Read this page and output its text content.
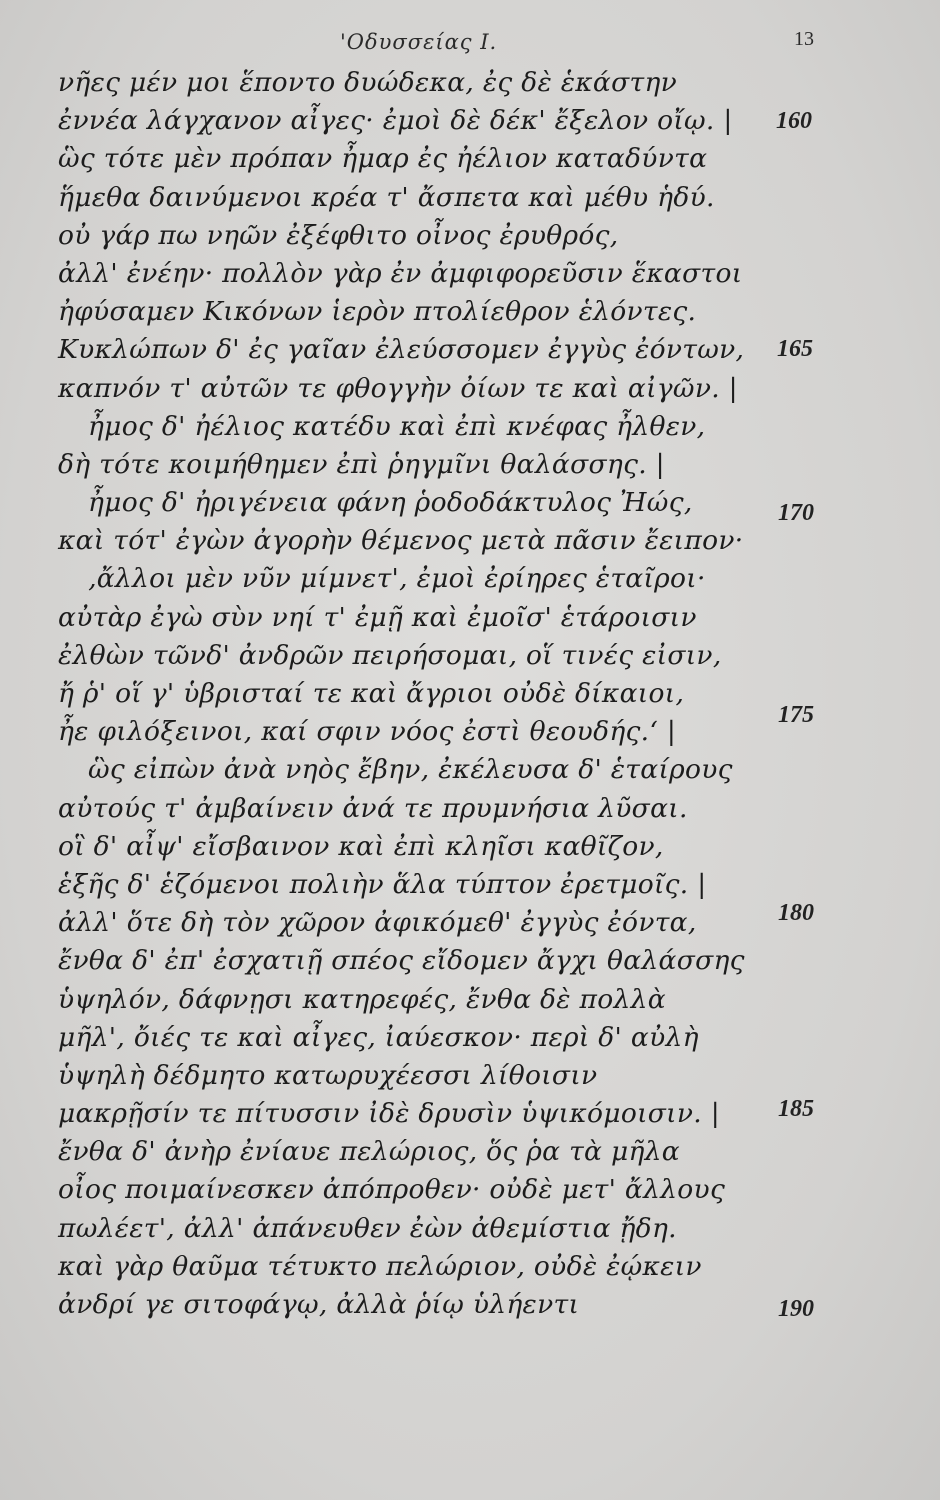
'Οδυσσείας Ι.	13
νῆες μέν μοι ἕποντο δυώδεκα, ἐς δὲ ἑκάστην
ἐννέα λάγχανον αἶγες· ἐμοὶ δὲ δέκ' ἔξελον οἴῳ. |
ὣς τότε μὲν πρόπαν ἦμαρ ἐς ἠέλιον καταδύντα
ἥμεθα δαινύμενοι κρέα τ' ἄσπετα καὶ μέθυ ἡδύ.
οὐ γάρ πω νηῶν ἐξέφθιτο οἶνος ἐρυθρός,
ἀλλ' ἐνέην· πολλὸν γὰρ ἐν ἀμφιφορεῦσιν ἕκαστοι
ἠφύσαμεν Κικόνων ἱερὸν πτολίεθρον ἑλόντες.
Κυκλώπων δ' ἐς γαῖαν ἐλεύσσομεν ἐγγὺς ἐόντων,
καπνόν τ' αὐτῶν τε φθογγὴν ὀίων τε καὶ αἰγῶν. |
ἦμος δ' ἠέλιος κατέδυ καὶ ἐπὶ κνέφας ἦλθεν,
δὴ τότε κοιμήθημεν ἐπὶ ῥηγμῖνι θαλάσσης. |
ἦμος δ' ἠριγένεια φάνη ῥοδοδάκτυλος Ἠώς,
καὶ τότ' ἐγὼν ἀγορὴν θέμενος μετὰ πᾶσιν ἔειπον·
‚ἄλλοι μὲν νῦν μίμνετ', ἐμοὶ ἐρίηρες ἑταῖροι·
αὐτὰρ ἐγὼ σὺν νηί τ' ἐμῇ καὶ ἐμοῖσ' ἑτάροισιν
ἐλθὼν τῶνδ' ἀνδρῶν πειρήσομαι, οἵ τινές εἰσιν,
ἤ ῥ' οἵ γ' ὑβρισταί τε καὶ ἄγριοι οὐδὲ δίκαιοι,
ἦε φιλόξεινοι, καί σφιν νόος ἐστὶ θεουδής.ʻ |
ὣς εἰπὼν ἀνὰ νηὸς ἔβην, ἐκέλευσα δ' ἑταίρους
αὐτούς τ' ἀμβαίνειν ἀνά τε πρυμνήσια λῦσαι.
οἳ δ' αἶψ' εἴσβαινον καὶ ἐπὶ κληῖσι καθῖζον,
ἑξῆς δ' ἑζόμενοι πολιὴν ἅλα τύπτον ἐρετμοῖς. |
ἀλλ' ὅτε δὴ τὸν χῶρον ἀφικόμεθ' ἐγγὺς ἐόντα,
ἔνθα δ' ἐπ' ἐσχατιῇ σπέος εἴδομεν ἄγχι θαλάσσης
ὑψηλόν, δάφνῃσι κατηρεφές, ἔνθα δὲ πολλὰ
μῆλ', ὄιές τε καὶ αἶγες, ἰαύεσκον· περὶ δ' αὐλὴ
ὑψηλὴ δέδμητο κατωρυχέεσσι λίθοισιν
μακρῇσίν τε πίτυσσιν ἰδὲ δρυσὶν ὑψικόμοισιν. |
ἔνθα δ' ἀνὴρ ἐνίαυε πελώριος, ὅς ῥα τὰ μῆλα
οἶος ποιμαίνεσκεν ἀπόπροθεν· οὐδὲ μετ' ἄλλους
πωλέετ', ἀλλ' ἀπάνευθεν ἐὼν ἀθεμίστια ᾔδη.
καὶ γὰρ θαῦμα τέτυκτο πελώριον, οὐδὲ ἐῴκειν
ἀνδρί γε σιτοφάγῳ, ἀλλὰ ῥίῳ ὑλήεντι
160
165
170
175
180
185
190
